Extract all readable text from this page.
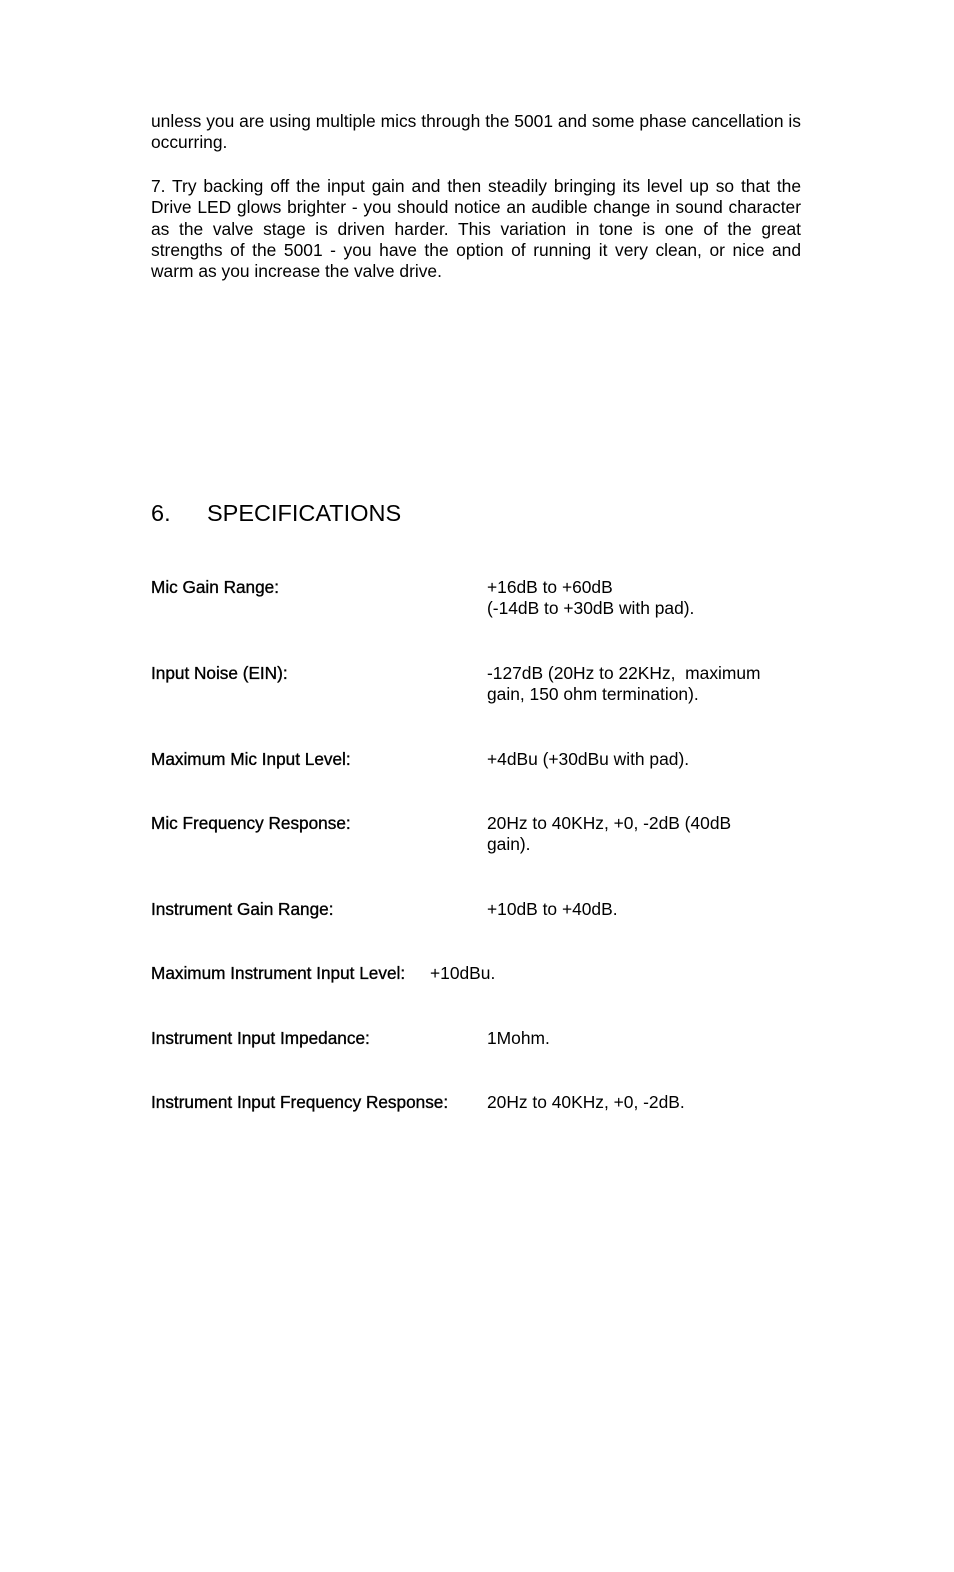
unless you are using multiple mics through the 5001 and some phase cancellation is occurring.

7. Try backing off the input gain and then steadily bringing its level up so that the Drive LED glows brighter - you should notice an audible change in sound character as the valve stage is driven harder. This variation in tone is one of the great strengths of the 5001 - you have the option of running it very clean, or nice and warm as you increase the valve drive.

6. SPECIFICATIONS
Mic Gain Range:	+16dB to +60dB
(-14dB to +30dB with pad).
Input Noise (EIN):	-127dB (20Hz to 22KHz,  maximum
gain, 150 ohm termination).
Maximum Mic Input Level:	+4dBu (+30dBu with pad).
Mic Frequency Response:	20Hz to 40KHz, +0, -2dB (40dB
gain).
Instrument Gain Range:	+10dB to +40dB.
Maximum Instrument Input Level: +10dBu.
Instrument Input Impedance:	1Mohm.
Instrument Input Frequency Response: 20Hz to 40KHz, +0, -2dB.
